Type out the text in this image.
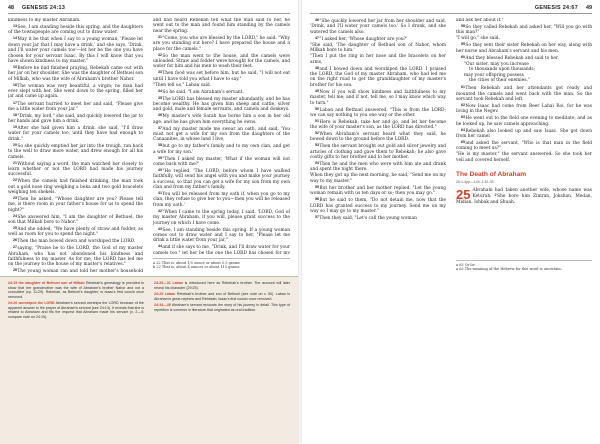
48 GENESIS 24:13

kindness to my master Abraham.

13See, I am standing beside this spring, and the daughters of the townspeople are coming out to draw water.

14May it be that when I say to a young woman, 'Please let down your jar that I may have a drink,' and she says, 'Drink, and I'll water your camels too'—let her be the one you have chosen for your servant Isaac. By this I will know that you have shown kindness to my master."

15Before he had finished praying, Rebekah came out with her jar on her shoulder. She was the daughter of Bethuel son of Milkah, who was the wife of Abraham's brother Nahor.

16The woman was very beautiful, a virgin; no man had ever slept with her. She went down to the spring, filled her jar and came up again.

17The servant hurried to meet her and said, "Please give me a little water from your jar."

18"Drink, my lord," she said, and quickly lowered the jar to her hands and gave him a drink.

19After she had given him a drink, she said, "I'll draw water for your camels too, until they have had enough to drink."

20So she quickly emptied her jar into the trough, ran back to the well to draw more water, and drew enough for all his camels.

21Without saying a word, the man watched her closely to learn whether or not the LORD had made his journey successful.

22When the camels had finished drinking, the man took out a gold nose ring weighing a beka and two gold bracelets weighing ten shekels.

23Then he asked, "Whose daughter are you? Please tell me, is there room in your father's house for us to spend the night?"

24She answered him, "I am the daughter of Bethuel, the son that Milkah bore to Nahor."

25And she added, "We have plenty of straw and fodder, as well as room for you to spend the night."

26Then the man bowed down and worshiped the LORD,

27saying, "Praise be to the LORD, the God of my master Abraham, who has not abandoned his kindness and faithfulness to my master. As for me, the LORD has led me on the journey to the house of my master's relatives."

28The young woman ran and told her mother's household

and had heard Rebekah tell what the man said to her, he went out to the man and found him standing by the camels near the spring.

31"Come, you who are blessed by the LORD," he said. "Why are you standing out here? I have prepared the house and a place for the camels."

32So the man went to the house, and the camels were unloaded. Straw and fodder were brought for the camels, and water for him and his men to wash their feet.

33Then food was set before him, but he said, "I will not eat until I have told you what I have to say."

"Then tell us," Laban said.

34So he said, "I am Abraham's servant.

35The LORD has blessed my master abundantly, and he has become wealthy. He has given him sheep and cattle, silver and gold, male and female servants, and camels and donkeys.

36My master's wife Sarah has borne him a son in her old age, and he has given him everything he owns.

37And my master made me swear an oath, and said, 'You must not get a wife for my son from the daughters of the Canaanites, in whose land I live,

38but go to my father's family and to my own clan, and get a wife for my son.'

39"Then I asked my master, 'What if the woman will not come back with me?'

40"He replied, 'The LORD, before whom I have walked faithfully, will send his angel with you and make your journey a success, so that you can get a wife for my son from my own clan and from my father's family.

41You will be released from my oath if, when you go to my clan, they refuse to give her to you—then you will be released from my oath.'

42"When I came to the spring today, I said, 'LORD, God of my master Abraham, if you will, please grant success to the journey on which I have come.

43See, I am standing beside this spring. If a young woman comes out to draw water and I say to her, "Please let me drink a little water from your jar,"

44and if she says to me, "Drink, and I'll draw water for your camels too," let her be the one the LORD has chosen for my

a 22 That is, about 1/5 ounce or about 5.5 grams
b 22 That is, about 4 ounces or about 115 grams

24:15 the daughter of Bethuel son of Milkah Rebekah's genealogy is provided to show that her grandmother was the wife of Abraham's brother Nahor and not a concubine (cp. 11:29). Rebekah, as Bethuel's daughter, is Isaac's first cousin once removed.

24:26 worshiped the LORD Abraham's servant worships the LORD because of the apparent answer to the prayer of Abraham's servant (see 24:14). It reveals that she is related to Abraham and fits the request that Abraham made his servant (v. 2—4; compare note on 24:15).

24:29—31 Laban is introduced here as Rebekah's brother. The account will later reveal his character (29:25).

24:29 Laban Rebekah's brother and son of Bethuel (see note on v. 50). Laban is Abraham's great-nephew and Rebekah; Isaac's first cousin once removed.

24:34—49 Abraham's servant recounts the story of his journey in detail. This type of repetition is common in literature that originated as oral tradition.

GENESIS 24:67 49

46"She quickly lowered her jar from her shoulder and said, 'Drink, and I'll water your camels too.' So I drank, and she watered the camels also.

47"I asked her, 'Whose daughter are you?'

"She said, 'The daughter of Bethuel son of Nahor, whom Milkah bore to him.'

"Then I put the ring in her nose and the bracelets on her arms,

48and I bowed down and worshiped the LORD. I praised the LORD, the God of my master Abraham, who had led me on the right road to get the granddaughter of my master's brother for his son.

49Now if you will show kindness and faithfulness to my master, tell me; and if not, tell me, so I may know which way to turn."

50Laban and Bethuel answered, "This is from the LORD; we can say nothing to you one way or the other.

51Here is Rebekah; take her and go, and let her become the wife of your master's son, as the LORD has directed."

52When Abraham's servant heard what they said, he bowed down to the ground before the LORD.

53Then the servant brought out gold and silver jewelry and articles of clothing and gave them to Rebekah; he also gave costly gifts to her brother and to her mother.

54Then he and the men who were with him ate and drank and spent the night there.

When they got up the next morning, he said, "Send me on my way to my master."

55But her brother and her mother replied, "Let the young woman remain with us ten days or so; then you may go."

56But he said to them, "Do not detain me, now that the LORD has granted success to my journey. Send me on my way so I may go to my master."

57Then they said, "Let's call the young woman

and ask her about it."

58So they called Rebekah and asked her, "Will you go with this man?"

"I will go," she said.

59So they sent their sister Rebekah on her way, along with her nurse and Abraham's servant and his men.

60And they blessed Rebekah and said to her,

"Our sister, may you increase
to thousands upon thousands;
may your offspring possess
the cities of their enemies."

61Then Rebekah and her attendants got ready and mounted the camels and went back with the man. So the servant took Rebekah and left.

62Now Isaac had come from Beer Lahai Roi, for he was living in the Negev.

63He went out to the field one evening to meditate, and as he looked up, he saw camels approaching.

64Rebekah also looked up and saw Isaac. She got down from her camel

65and asked the servant, "Who is that man in the field coming to meet us?"

"He is my master," the servant answered. So she took her veil and covered herself.

The Death of Abraham
25:1-4pp—1Ch 1:32-33
25 Abraham had taken another wife, whose name was Keturah. 2She bore him Zimran, Jokshan, Medan, Midian, Ishbak and Shuah.
a 63 Or lie
a 63 The meaning of the Hebrew for this word is uncertain.
